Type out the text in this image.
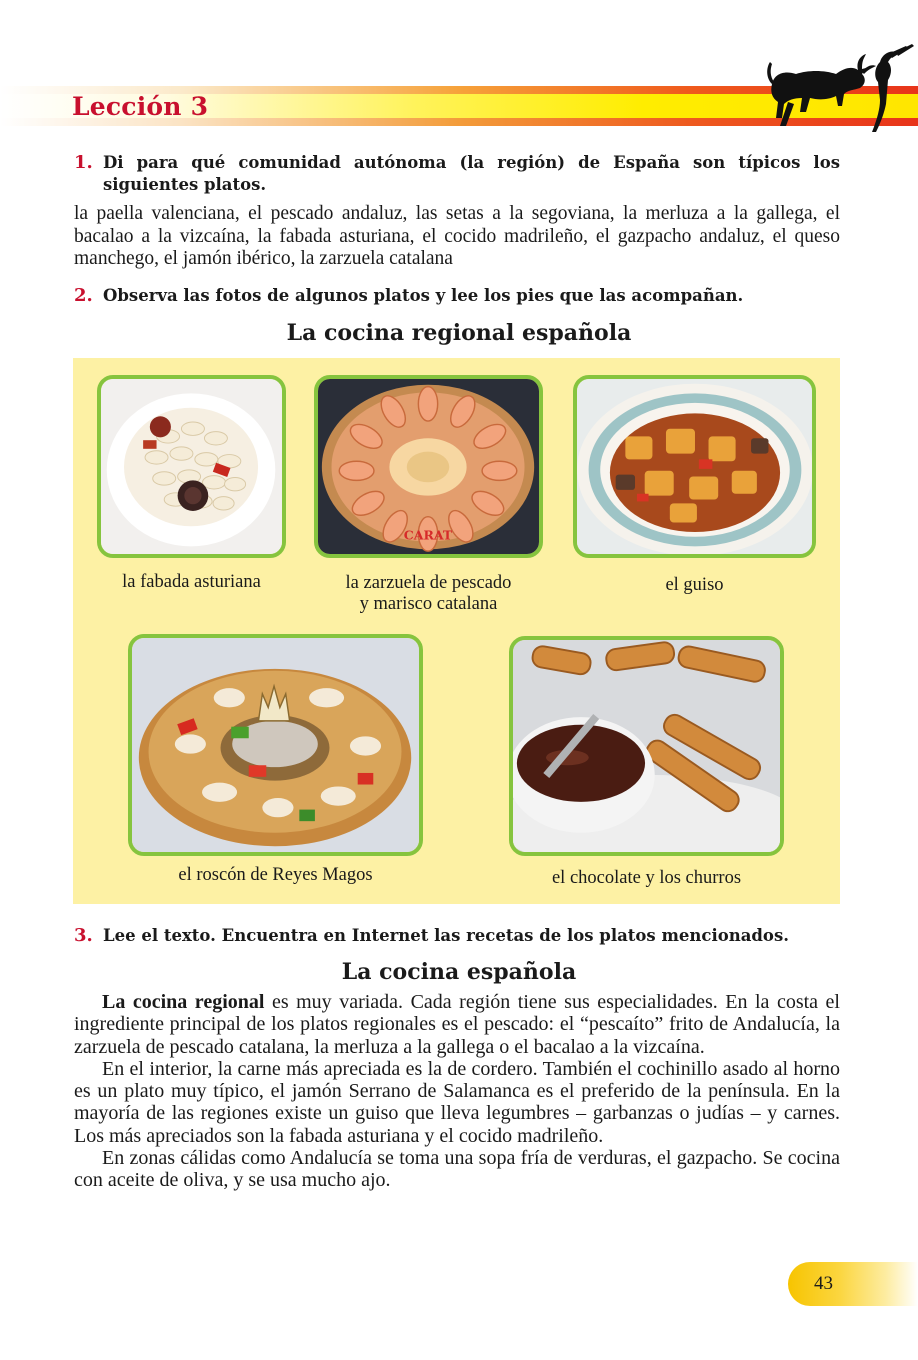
Lección 3
1. Di para qué comunidad autónoma (la región) de España son típicos los siguientes platos.
la paella valenciana, el pescado andaluz, las setas a la segoviana, la merluza a la gallega, el bacalao a la vizcaína, la fabada asturiana, el cocido madrileño, el gazpacho andaluz, el queso manchego, el jamón ibérico, la zarzuela catalana
2. Observa las fotos de algunos platos y lee los pies que las acompañan.
La cocina regional española
CARAT
la fabada asturiana	la zarzuela de pescado
y marisco catalana
el guiso
el roscón de Reyes Magos	el chocolate y los churros
3. Lee el texto. Encuentra en Internet las recetas de los platos mencionados.
La cocina española

La cocina regional es muy variada. Cada región tiene sus especialidades. En la costa el ingrediente principal de los platos regionales es el pescado: el “pescaíto” frito de Andalucía, la zarzuela de pescado catalana, la merluza a la gallega o el bacalao a la vizcaína.

En el interior, la carne más apreciada es la de cordero. También el cochinillo asado al horno es un plato muy típico, el jamón Serrano de Salamanca es el preferido de la península. En la mayoría de las regiones existe un guiso que lleva legumbres – garbanzas o judías – y carnes. Los más apreciados son la fabada asturiana y el cocido madrileño.

En zonas cálidas como Andalucía se toma una sopa fría de verduras, el gazpacho. Se cocina con aceite de oliva, y se usa mucho ajo.

43
